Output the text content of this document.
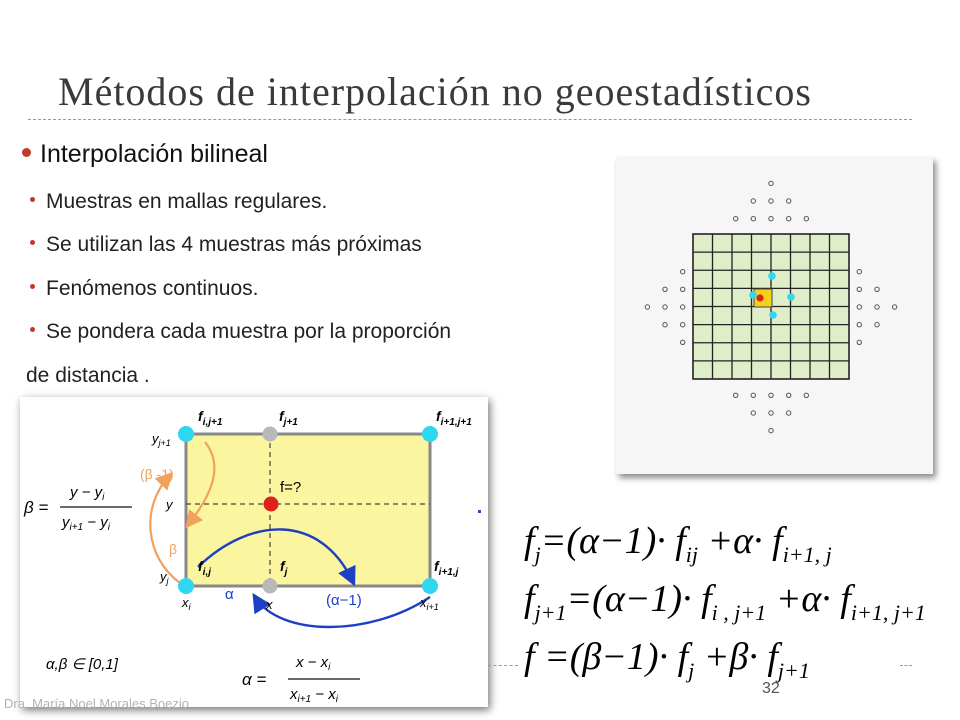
Métodos de interpolación no geoestadísticos
Interpolación bilineal
Muestras en mallas regulares.
Se utilizan las 4 muestras más próximas
Fenómenos continuos.
Se pondera cada muestra por la proporción
de distancia .
$f_{i,j+1}$	$f_{j+1}$	$f_{i+1,j+1}$
$f_{i,j}$	$f_j$	$f_{i+1,j}$
f=?
$y_{j+1}$
y
$y_j$
$x_i$	x	$x_{i+1}$
(β -1)
β
α	(α−1)
β =
$y - y_i$
$y_{i+1} - y_i$
α,β ∈ [0,1]
α =
$x - x_i$
$x_{i+1} - x_i$
$f_j=(\alpha-1)\cdot f_{ij} +\alpha\cdot f_{i+1, j}$
$f_{j+1}=(\alpha-1)\cdot f_{i , j+1} +\alpha\cdot f_{i+1, j+1}$
$f =(\beta-1)\cdot f_j +\beta\cdot f_{j+1}$
Dra. María Noel Morales Boezio
32
